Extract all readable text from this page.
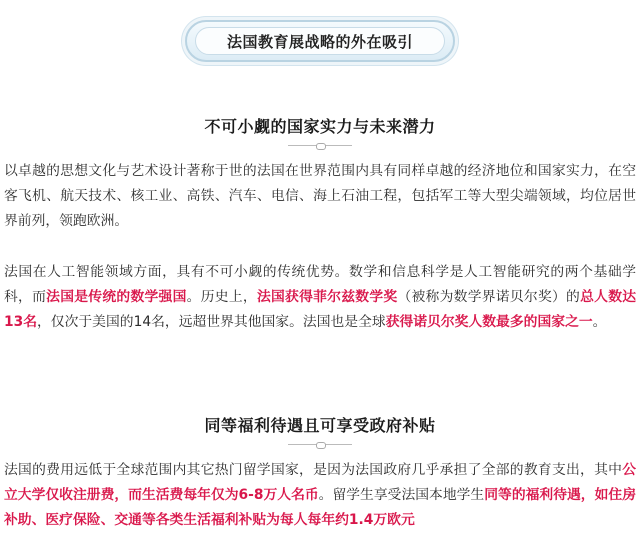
法国教育展战略的外在吸引
不可小觑的国家实力与未来潜力

以卓越的思想文化与艺术设计著称于世的法国在世界范围内具有同样卓越的经济地位和国家实力，在空客飞机、航天技术、核工业、高铁、汽车、电信、海上石油工程，包括军工等大型尖端领域，均位居世界前列，领跑欧洲。

法国在人工智能领域方面，具有不可小觑的传统优势。数学和信息科学是人工智能研究的两个基础学科，而法国是传统的数学强国。历史上，法国获得菲尔兹数学奖（被称为数学界诺贝尔奖）的总人数达13名，仅次于美国的14名，远超世界其他国家。法国也是全球获得诺贝尔奖人数最多的国家之一。

同等福利待遇且可享受政府补贴

法国的费用远低于全球范围内其它热门留学国家，是因为法国政府几乎承担了全部的教育支出，其中公立大学仅收注册费，而生活费每年仅为6-8万人名币。留学生享受法国本地学生同等的福利待遇，如住房补助、医疗保险、交通等各类生活福利补贴为每人每年约1.4万欧元
